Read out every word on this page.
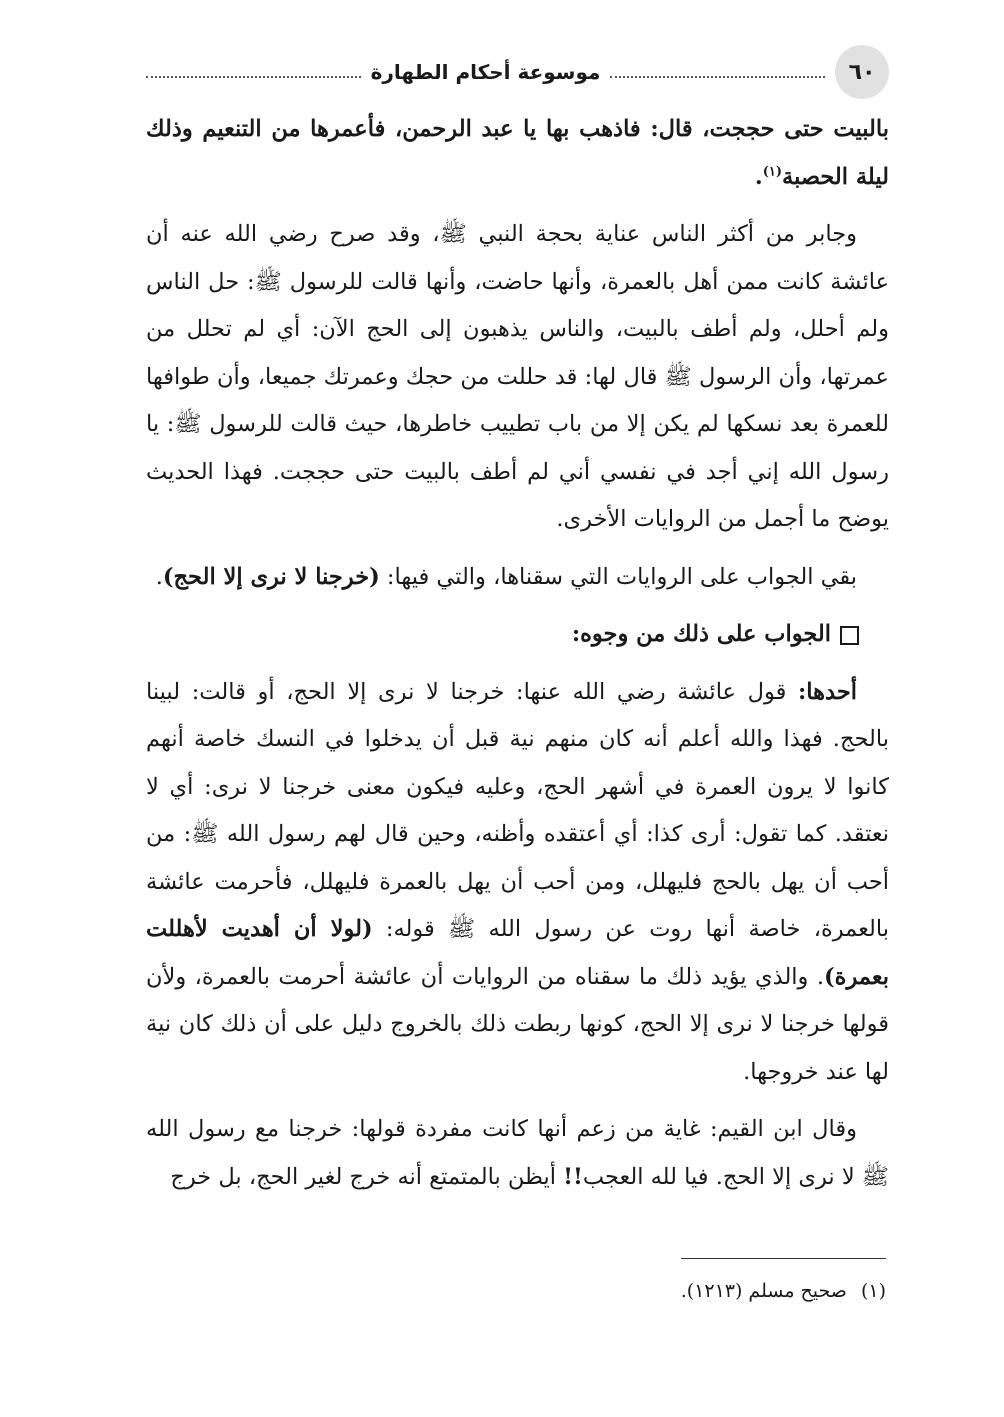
٦٠
موسوعة أحكام الطهارة

بالبيت حتى حججت، قال: فاذهب بها يا عبد الرحمن، فأعمرها من التنعيم وذلك ليلة الحصبة$^{(١)}$.

وجابر من أكثر الناس عناية بحجة النبي ﷺ، وقد صرح رضي الله عنه أن عائشة كانت ممن أهل بالعمرة، وأنها حاضت، وأنها قالت للرسول ﷺ: حل الناس ولم أحلل، ولم أطف بالبيت، والناس يذهبون إلى الحج الآن: أي لم تحلل من عمرتها، وأن الرسول ﷺ قال لها: قد حللت من حجك وعمرتك جميعا، وأن طوافها للعمرة بعد نسكها لم يكن إلا من باب تطييب خاطرها، حيث قالت للرسول ﷺ: يا رسول الله إني أجد في نفسي أني لم أطف بالبيت حتى حججت. فهذا الحديث يوضح ما أجمل من الروايات الأخرى.

بقي الجواب على الروايات التي سقناها، والتي فيها: (خرجنا لا نرى إلا الحج).

الجواب على ذلك من وجوه:

أحدها: قول عائشة رضي الله عنها: خرجنا لا نرى إلا الحج، أو قالت: لبينا بالحج. فهذا والله أعلم أنه كان منهم نية قبل أن يدخلوا في النسك خاصة أنهم كانوا لا يرون العمرة في أشهر الحج، وعليه فيكون معنى خرجنا لا نرى: أي لا نعتقد. كما تقول: أرى كذا: أي أعتقده وأظنه، وحين قال لهم رسول الله ﷺ: من أحب أن يهل بالحج فليهلل، ومن أحب أن يهل بالعمرة فليهلل، فأحرمت عائشة بالعمرة، خاصة أنها روت عن رسول الله ﷺ قوله: (لولا أن أهديت لأهللت بعمرة). والذي يؤيد ذلك ما سقناه من الروايات أن عائشة أحرمت بالعمرة، ولأن قولها خرجنا لا نرى إلا الحج، كونها ربطت ذلك بالخروج دليل على أن ذلك كان نية لها عند خروجها.

وقال ابن القيم: غاية من زعم أنها كانت مفردة قولها: خرجنا مع رسول الله ﷺ لا نرى إلا الحج. فيا لله العجب!! أيظن بالمتمتع أنه خرج لغير الحج، بل خرج

(١)صحيح مسلم (١٢١٣).
